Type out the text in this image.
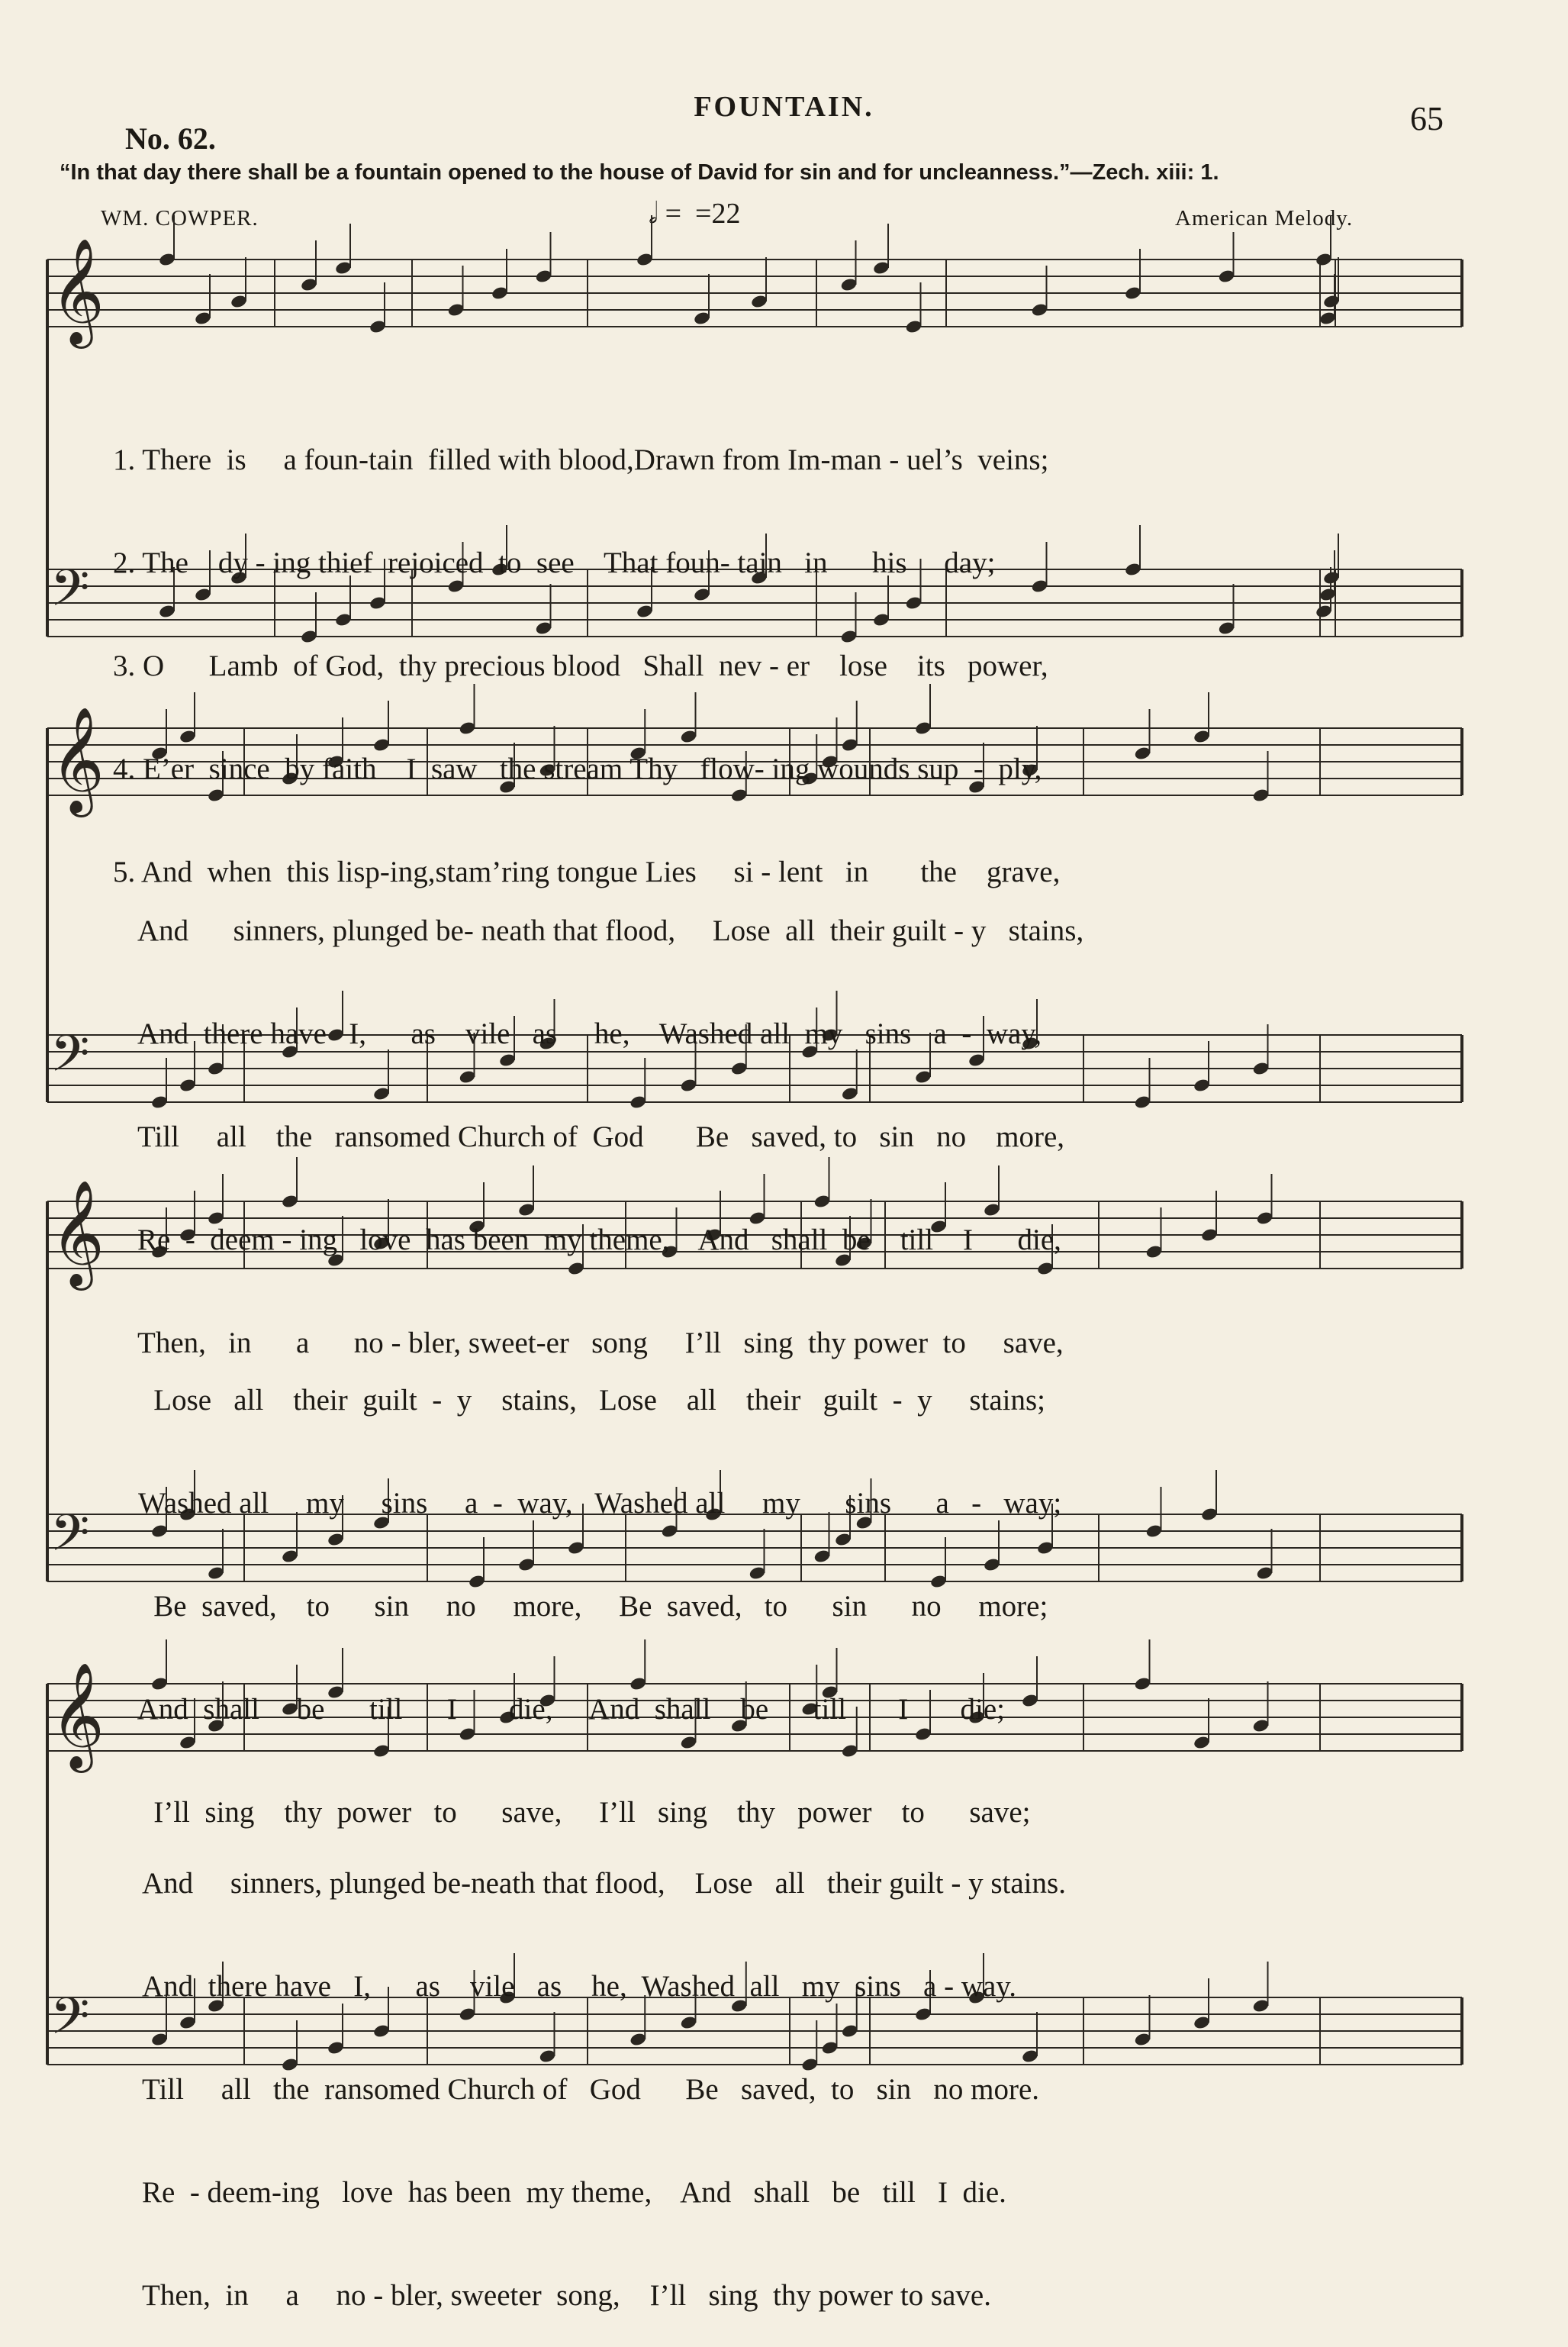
FOUNTAIN.
No. 62.
65
“In that day there shall be a fountain opened to the house of David for sin and for uncleanness.”—Zech. xiii: 1.
WM. COWPER.	American Melody.
𝅗𝅥 = =22
𝄞
𝄢
𝄞
𝄢
𝄞
𝄢
𝄞
𝄢

1. There  is     a foun-tain  filled with blood,Drawn from Im-man - uel’s  veins;

2. The    dy - ing thief  rejoiced  to  see    That foun- tain   in      his     day;

3. O      Lamb  of God,  thy precious blood   Shall  nev - er    lose    its   power,

4. E’er  since  by faith    I  saw   the stream Thy   flow- ing wounds sup  -  ply,

5. And  when  this lisp-ing,stam’ring tongue Lies     si - lent   in       the    grave,

And      sinners, plunged be- neath that flood,     Lose  all  their guilt - y   stains,

And  there have   I,      as    vile   as     he,    Washed all  my   sins   a  -  way,

Till     all    the   ransomed Church of  God       Be   saved, to   sin   no    more,

Re  -  deem - ing   love  has been  my theme,    And   shall  be    till    I      die,

Then,   in      a      no - bler, sweet-er   song     I’ll   sing  thy power  to     save,

Lose   all    their  guilt  -  y    stains,   Lose    all    their   guilt  -  y     stains;

Washed all     my     sins     a  -  way,   Washed all     my      sins      a   -   way;

Be  saved,    to      sin     no     more,     Be  saved,   to      sin      no     more;

And  shall     be      till      I       die,     And  shall    be      till       I       die;

I’ll  sing    thy  power   to      save,     I’ll   sing    thy   power    to      save;

And     sinners, plunged be-neath that flood,    Lose   all   their guilt - y stains.

And  there have   I,      as    vile   as    he,  Washed  all   my  sins   a - way.

Till     all   the  ransomed Church of   God      Be   saved,  to   sin   no more.

Re  - deem-ing   love  has been  my theme,    And   shall   be   till   I  die.

Then,  in     a     no - bler, sweeter  song,    I’ll   sing  thy power to save.
